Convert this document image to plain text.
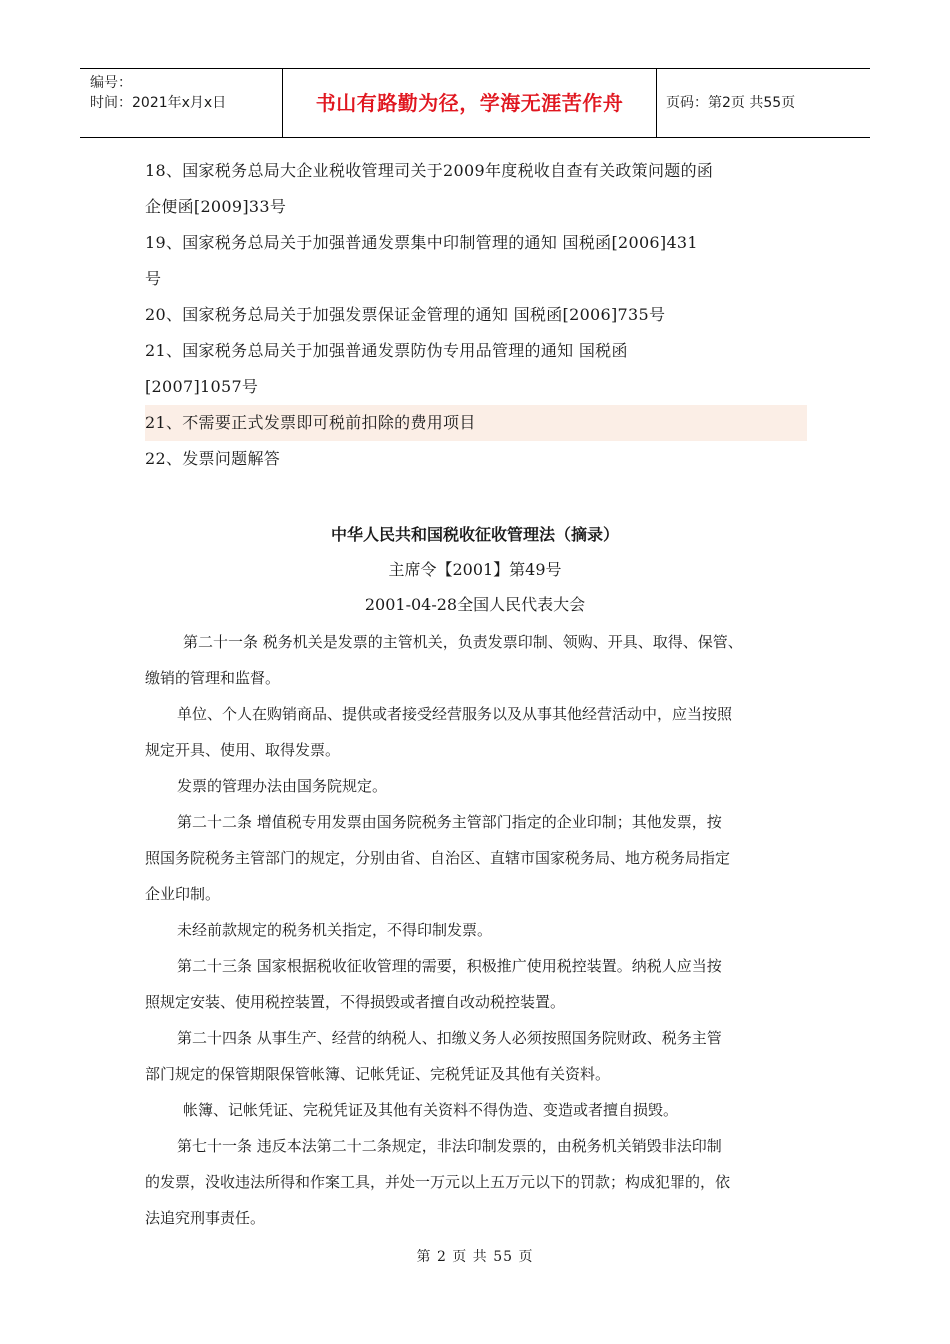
编号：
时间：2021年x月x日	书山有路勤为径，学海无涯苦作舟	页码：第2页 共55页
18、国家税务总局大企业税收管理司关于2009年度税收自查有关政策问题的函
企便函[2009]33号
19、国家税务总局关于加强普通发票集中印制管理的通知 国税函[2006]431
号
20、国家税务总局关于加强发票保证金管理的通知 国税函[2006]735号
21、国家税务总局关于加强普通发票防伪专用品管理的通知 国税函
[2007]1057号
21、不需要正式发票即可税前扣除的费用项目
22、发票问题解答
中华人民共和国税收征收管理法（摘录）
主席令【2001】第49号
2001-04-28全国人民代表大会
第二十一条 税务机关是发票的主管机关，负责发票印制、领购、开具、取得、保管、
缴销的管理和监督。
单位、个人在购销商品、提供或者接受经营服务以及从事其他经营活动中，应当按照
规定开具、使用、取得发票。
发票的管理办法由国务院规定。
第二十二条 增值税专用发票由国务院税务主管部门指定的企业印制；其他发票，按
照国务院税务主管部门的规定，分别由省、自治区、直辖市国家税务局、地方税务局指定
企业印制。
未经前款规定的税务机关指定，不得印制发票。
第二十三条 国家根据税收征收管理的需要，积极推广使用税控装置。纳税人应当按
照规定安装、使用税控装置，不得损毁或者擅自改动税控装置。
第二十四条 从事生产、经营的纳税人、扣缴义务人必须按照国务院财政、税务主管
部门规定的保管期限保管帐簿、记帐凭证、完税凭证及其他有关资料。
帐簿、记帐凭证、完税凭证及其他有关资料不得伪造、变造或者擅自损毁。
第七十一条 违反本法第二十二条规定，非法印制发票的，由税务机关销毁非法印制
的发票，没收违法所得和作案工具，并处一万元以上五万元以下的罚款；构成犯罪的，依
法追究刑事责任。
第 2 页 共 55 页
